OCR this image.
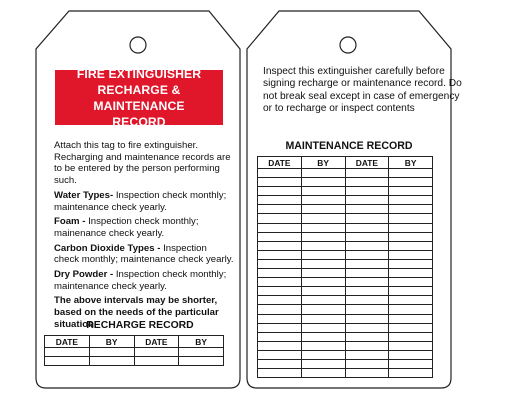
FIRE EXTINGUISHER
RECHARGE & MAINTENANCE
RECORD

Attach this tag to fire extinguisher. Recharging and maintenance records are to be entered by the person performing such.

Water Types- Inspection check monthly; maintenance check yearly.

Foam - Inspection check monthly; mainenance check yearly.

Carbon Dioxide Types - Inspection check monthly; maintenance check yearly.

Dry Powder - Inspection check monthly; maintenance check yearly.

The above intervals may be shorter, based on the needs of the particular situation.

RECHARGE RECORD
DATE	BY	DATE	BY

Inspect this extinguisher carefully before signing recharge or maintenance record. Do not break seal except in case of emergency or to recharge or inspect contents
MAINTENANCE RECORD
DATE	BY	DATE	BY
